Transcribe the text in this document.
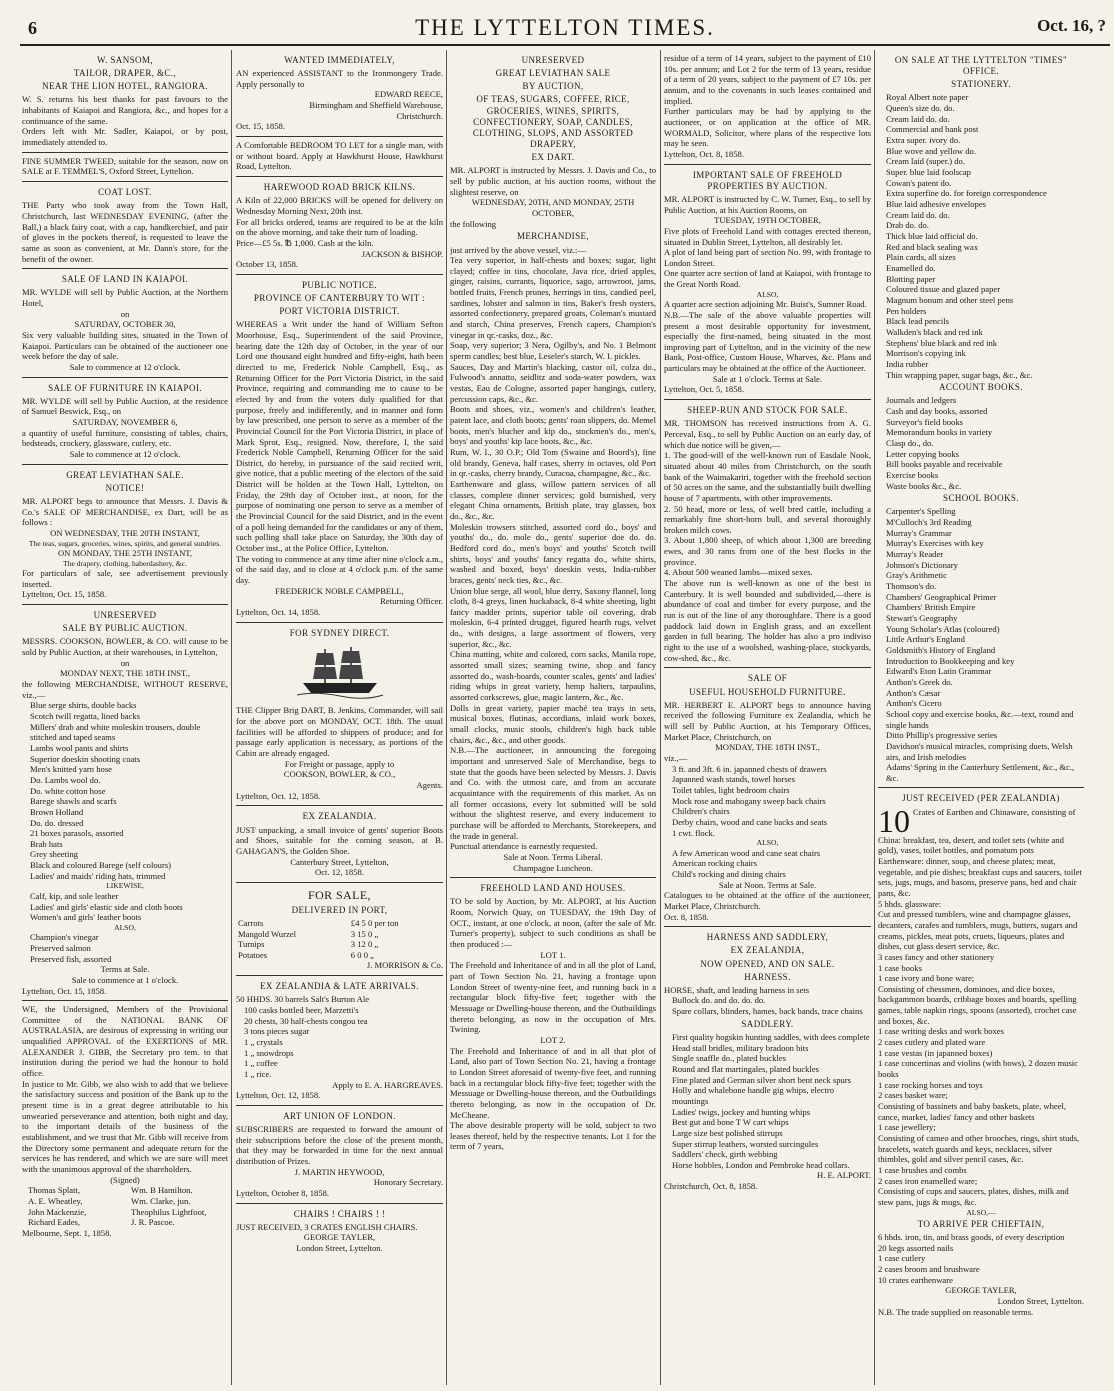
6	THE LYTTELTON TIMES.	Oct. 16, ?
W. SANSOM,
TAILOR, DRAPER, &C.,
NEAR THE LION HOTEL, RANGIORA.

W. S. returns his best thanks for past favours to the inhabitants of Kaiapoi and Rangiora, &c., and hopes for a continuance of the same.

Orders left with Mr. Sadler, Kaiapoi, or by post, immediately attended to.

FINE SUMMER TWEED, suitable for the season, now on SALE at F. TEMMEL'S, Oxford Street, Lyttelton.

COAT LOST.

THE Party who took away from the Town Hall, Christchurch, last WEDNESDAY EVENING, (after the Ball,) a black fairy coat, with a cap, handkerchief, and pair of gloves in the pockets thereof, is requested to leave the same as soon as convenient, at Mr. Dann's store, for the benefit of the owner.

SALE OF LAND IN KAIAPOI.

MR. WYLDE will sell by Public Auction, at the Northern Hotel,

on
SATURDAY, OCTOBER 30,

Six very valuable building sites, situated in the Town of Kaiapoi. Particulars can be obtained of the auctioneer one week before the day of sale.

Sale to commence at 12 o'clock.
SALE OF FURNITURE IN KAIAPOI.

MR. WYLDE will sell by Public Auction, at the residence of Samuel Beswick, Esq., on

SATURDAY, NOVEMBER 6,

a quantity of useful furniture, consisting of tables, chairs, bedsteads, crockery, glassware, cutlery, etc.

Sale to commence at 12 o'clock.
GREAT LEVIATHAN SALE.
NOTICE!

MR. ALPORT begs to announce that Messrs. J. Davis & Co.'s SALE OF MERCHANDISE, ex Dart, will be as follows :

ON WEDNESDAY, THE 20TH INSTANT,
The teas, sugars, groceries, wines, spirits, and general sundries.
ON MONDAY, THE 25TH INSTANT,
The drapery, clothing, haberdashery, &c.

For particulars of sale, see advertisement previously inserted.

Lyttelton, Oct. 15, 1858.
UNRESERVED
SALE BY PUBLIC AUCTION.

MESSRS. COOKSON, BOWLER, & CO. will cause to be sold by Public Auction, at their warehouses, in Lyttelton,

on
MONDAY NEXT, THE 18TH INST.,

the following MERCHANDISE, WITHOUT RESERVE, viz.,—

Blue serge shirts, double backs
Scotch twill regatta, lined backs
Millers' drab and white moleskin trousers, double stitched and taped seams
Lambs wool pants and shirts
Superior doeskin shooting coats
Men's knitted yarn hose
Do. Lambs wool do.
Do. white cotton hose
Barege shawls and scarfs
Brown Holland
Do. do. dressed
21 boxes parasols, assorted
Brab hats
Grey sheeting
Black and coloured Barege (self colours)
Ladies' and maids' riding hats, trimmed
LIKEWISE,
Calf, kip, and sole leather
Ladies' and girls' elastic side and cloth boots
Women's and girls' leather boots
ALSO,
Champion's vinegar
Preserved salmon
Preserved fish, assorted
Terms at Sale.
Sale to commence at 1 o'clock.
Lyttelton, Oct. 15, 1858.

WE, the Undersigned, Members of the Provisional Committee of the NATIONAL BANK OF AUSTRALASIA, are desirous of expressing in writing our unqualified APPROVAL of the EXERTIONS of MR. ALEXANDER J. GIBB, the Secretary pro tem. to that institution during the period we had the honour to hold office.

In justice to Mr. Gibb, we also wish to add that we believe the satisfactory success and position of the Bank up to the present time is in a great degree attributable to his unwearied perseverance and attention, both night and day, to the important details of the business of the establishment, and we trust that Mr. Gibb will receive from the Directory some permanent and adequate return for the services he has rendered, and which we are sure will meet with the unanimous approval of the shareholders.

(Signed)
Thomas Splatt,	Wm. B Hamilton.
A. E. Wheatley,	Wm. Clarke, jun.
John Mackenzie,	Theophilus Lightfoot,
Richard Eades,	J. R. Pascoe.
Melbourne, Sept. 1, 1858.
WANTED IMMEDIATELY,

AN experienced ASSISTANT to the Ironmongery Trade. Apply personally to

EDWARD REECE,
Birmingham and Sheffield Warehouse,
Christchurch.
Oct. 15, 1858.

A Comfortable BEDROOM TO LET for a single man, with or without board. Apply at Hawkhurst House, Hawkhurst Road, Lyttelton.

HAREWOOD ROAD BRICK KILNS.

A Kiln of 22,000 BRICKS will be opened for delivery on Wednesday Morning Next, 20th inst.

For all bricks ordered, teams are required to be at the kiln on the above morning, and take their turn of loading.

Price—£5 5s. ℔ 1,000. Cash at the kiln.

JACKSON & BISHOP.
October 13, 1858.
PUBLIC NOTICE.
PROVINCE OF CANTERBURY TO WIT :
PORT VICTORIA DISTRICT.

WHEREAS a Writ under the hand of William Sefton Moorhouse, Esq., Superintendent of the said Province, bearing date the 12th day of October, in the year of our Lord one thousand eight hundred and fifty-eight, hath been directed to me, Frederick Noble Campbell, Esq., as Returning Officer for the Port Victoria District, in the said Province, requiring and commanding me to cause to be elected by and from the voters duly qualified for that purpose, freely and indifferently, and in manner and form by law prescribed, one person to serve as a member of the Provincial Council for the Port Victoria District, in place of Mark Sprot, Esq., resigned. Now, therefore, I, the said Frederick Noble Campbell, Returning Officer for the said District, do hereby, in pursuance of the said recited writ, give notice, that a public meeting of the electors of the said District will be holden at the Town Hall, Lyttelton, on Friday, the 29th day of October inst., at noon, for the purpose of nominating one person to serve as a member of the Provincial Council for the said District, and in the event of a poll being demanded for the candidates or any of them, such polling shall take place on Saturday, the 30th day of October inst., at the Police Office, Lyttelton.

The voting to commence at any time after nine o'clock a.m., of the said day, and to close at 4 o'clock p.m. of the same day.

FREDERICK NOBLE CAMPBELL,
Returning Officer.
Lyttelton, Oct. 14, 1858.
FOR SYDNEY DIRECT.

THE Clipper Brig DART, B. Jenkins, Commander, will sail for the above port on MONDAY, OCT. 18th. The usual facilities will be afforded to shippers of produce; and for passage early application is necessary, as portions of the Cabin are already engaged.

For Freight or passage, apply to
COOKSON, BOWLER, & CO.,
Agents.
Lyttelton, Oct. 12, 1858.
EX ZEALANDIA.

JUST unpacking, a small invoice of gents' superior Boots and Shoes, suitable for the coming season, at B. GAHAGAN'S, the Golden Shoe.

Canterbury Street, Lyttelton,
Oct. 12, 1858.
FOR SALE,
DELIVERED IN PORT,
Carrots	£4 5 0 per ton
Mangold Wurzel	3 15 0 „
Turnips	3 12 0 „
Potatoes	6 0 0 „
J. MORRISON & Co.
EX ZEALANDIA & LATE ARRIVALS.

50 HHDS. 30 barrels Salt's Burton Ale

100 casks bottled beer, Marzetti's
20 chests, 30 half-chests congou tea
3 tons pieces sugar
1 „ crystals
1 „ snowdrops
1 „ coffee
1 „ rice.
Apply to E. A. HARGREAVES.
Lyttelton, Oct. 12, 1858.
ART UNION OF LONDON.

SUBSCRIBERS are requested to forward the amount of their subscriptions before the close of the present month, that they may be forwarded in time for the next annual distribution of Prizes.

J. MARTIN HEYWOOD,
Honorary Secretary.
Lyttelton, October 8, 1858.
CHAIRS ! CHAIRS ! !

JUST RECEIVED, 3 CRATES ENGLISH CHAIRS.

GEORGE TAYLER,
London Street, Lyttelton.
UNRESERVED
GREAT LEVIATHAN SALE
BY AUCTION,
OF TEAS, SUGARS, COFFEE, RICE, GROCERIES, WINES, SPIRITS, CONFECTIONERY, SOAP, CANDLES, CLOTHING, SLOPS, AND ASSORTED DRAPERY,
EX DART.

MR. ALPORT is instructed by Messrs. J. Davis and Co., to sell by public auction, at his auction rooms, without the slightest reserve, on

WEDNESDAY, 20TH, AND MONDAY, 25TH OCTOBER,
the following
MERCHANDISE,
just arrived by the above vessel, viz.:—

Tea very superior, in half-chests and boxes; sugar, light clayed; coffee in tins, chocolate, Java rice, dried apples, ginger, raisins, currants, liquorice, sago, arrowroot, jams, bottled fruits, French prunes, herrings in tins, candied peel, sardines, lobster and salmon in tins, Baker's fresh oysters, assorted confectionery, prepared groats, Coleman's mustard and starch, China preserves, French capers, Champion's vinegar in qr.-casks, doz., &c.

Soap, very superior; 3 Nera, Ogilby's, and No. 1 Belmont sperm candles; best blue, Leseler's starch, W. I. pickles.

Sauces, Day and Martin's blacking, castor oil, colza do., Fulwood's annatto, seidlitz and soda-water powders, wax vestas, Eau de Cologne, assorted paper hangings, cutlery, percussion caps, &c., &c.

Boots and shoes, viz., women's and children's leather, patent lace, and cloth boots; gents' roan slippers, do. Memel boots, men's blucher and kip do., stockmen's do., men's, boys' and youths' kip lace boots, &c., &c.

Rum, W. I., 30 O.P.; Old Tom (Swaine and Boord's), fine old brandy, Geneva, half cases, sherry in octaves, old Port in qr.-casks, cherry brandy, Curacoa, champagne, &c., &c.

Earthenware and glass, willow pattern services of all classes, complete dinner services; gold burnished, very elegant China ornaments, British plate, tray glasses, box do., &c., &c.

Moleskin trowsers stitched, assorted cord do., boys' and youths' do., do. mole do., gents' superior doe do. do. Bedford cord do., men's boys' and youths' Scotch twill shirts, boys' and youths' fancy regatta do., white shirts, washed and boxed, boys' doeskin vests, India-rubber braces, gents' neck ties, &c., &c.

Union blue serge, all wool, blue derry, Saxony flannel, long cloth, 8-4 greys, linen huckaback, 8-4 white sheeting, light fancy madder prints, superior table oil covering, drab moleskin, 6-4 printed drugget, figured hearth rugs, velvet do., with designs, a large assortment of flowers, very superior, &c., &c.

China matting, white and colored, corn sacks, Manila rope, assorted small sizes; seaming twine, shop and fancy assorted do., wash-boards, counter scales, gents' and ladies' riding whips in great variety, hemp halters, tarpaulins, assorted corkscrews, glue, magic lantern, &c., &c.

Dolls in great variety, papier maché tea trays in sets, musical boxes, flutinas, accordians, inlaid work boxes, small clocks, music stools, children's high back table chairs, &c., &c., and other goods.

N.B.—The auctioneer, in announcing the foregoing important and unreserved Sale of Merchandise, begs to state that the goods have been selected by Messrs. J. Davis and Co. with the utmost care, and from an accurate acquaintance with the requirements of this market. As on all former occasions, every lot submitted will be sold without the slightest reserve, and every inducement to purchase will be afforded to Merchants, Storekeepers, and the trade in general.

Punctual attendance is earnestly requested.

Sale at Noon. Terms Liberal.
Champagne Luncheon.
FREEHOLD LAND AND HOUSES.

TO be sold by Auction, by Mr. ALPORT, at his Auction Room, Norwich Quay, on TUESDAY, the 19th Day of OCT., instant, at one o'clock, at noon, (after the sale of Mr. Turner's property), subject to such conditions as shall be then produced :—

LOT 1.

The Freehold and Inheritance of and in all the plot of Land, part of Town Section No. 21, having a frontage upon London Street of twenty-nine feet, and running back in a rectangular block fifty-five feet; together with the Messuage or Dwelling-house thereon, and the Outbuildings thereto belonging, as now in the occupation of Mrs. Twining.

LOT 2.

The Freehold and Inheritance of and in all that plot of Land, also part of Town Section No. 21, having a frontage to London Street aforesaid of twenty-five feet, and running back in a rectangular block fifty-five feet; together with the Messuage or Dwelling-house thereon, and the Outbuildings thereto belonging, as now in the occupation of Dr. McCheane.

The above desirable property will be sold, subject to two leases thereof, held by the respective tenants. Lot 1 for the term of 7 years,

residue of a term of 14 years, subject to the payment of £10 10s. per annum; and Lot 2 for the term of 13 years, residue of a term of 20 years, subject to the payment of £7 10s. per annum, and to the covenants in such leases contained and implied.

Further particulars may be had by applying to the auctioneer, or on application at the office of MR. WORMALD, Solicitor, where plans of the respective lots may be seen.

Lyttelton, Oct. 8, 1858.
IMPORTANT SALE OF FREEHOLD PROPERTIES BY AUCTION.

MR. ALPORT is instructed by C. W. Turner, Esq., to sell by Public Auction, at his Auction Rooms, on

TUESDAY, 19TH OCTOBER,

Five plots of Freehold Land with cottages erected thereon, situated in Dublin Street, Lyttelton, all desirably let.

A plot of land being part of section No. 99, with frontage to London Street.

One quarter acre section of land at Kaiapoi, with frontage to the Great North Road.

ALSO,

A quarter acre section adjoining Mr. Buist's, Sumner Road.

N.B.—The sale of the above valuable properties will present a most desirable opportunity for investment, especially the first-named, being situated in the most improving part of Lyttelton, and in the vicinity of the new Bank, Post-office, Custom House, Wharves, &c. Plans and particulars may be obtained at the office of the Auctioneer.

Sale at 1 o'clock. Terms at Sale.
Lyttelton, Oct. 5, 1858.
SHEEP-RUN AND STOCK FOR SALE.

MR. THOMSON has received instructions from A. G. Perceval, Esq., to sell by Public Auction on an early day, of which due notice will be given,—

1. The good-will of the well-known run of Easdale Nook, situated about 40 miles from Christchurch, on the south bank of the Waimakariri, together with the freehold section of 50 acres on the same, and the substantially built dwelling house of 7 apartments, with other improvements.

2. 50 head, more or less, of well bred cattle, including a remarkably fine short-horn bull, and several thoroughly broken milch cows.

3. About 1,800 sheep, of which about 1,300 are breeding ewes, and 30 rams from one of the best flocks in the province.

4. About 500 weaned lambs—mixed sexes.

The above run is well-known as one of the best in Canterbury. It is well bounded and subdivided,—there is abundance of coal and timber for every purpose, and the run is out of the line of any thoroughfare. There is a good paddock laid down in English grass, and an excellent garden in full bearing. The holder has also a pro indiviso right to the use of a woolshed, washing-place, stockyards, cow-shed, &c., &c.

SALE OF
USEFUL HOUSEHOLD FURNITURE.

MR. HERBERT E. ALPORT begs to announce having received the following Furniture ex Zealandia, which he will sell by Public Auction, at his Temporary Offices, Market Place, Christchurch, on

MONDAY, THE 18TH INST.,
viz.,—
3 ft. and 3ft. 6 in. japanned chests of drawers
Japanned wash stands, towel horses
Toilet tables, light bedroom chairs
Mock rose and mahogany sweep back chairs
Children's chairs
Derby chairs, wood and cane backs and seats
1 cwt. flock.
ALSO,
A few American wood and cane seat chairs
American rocking chairs
Child's rocking and dining chairs
Sale at Noon. Terms at Sale.

Catalogues to be obtained at the office of the auctioneer, Market Place, Christchurch.

Oct. 8, 1858.
HARNESS AND SADDLERY,
EX ZEALANDIA,
NOW OPENED, AND ON SALE.
HARNESS.

HORSE, shaft, and leading harness in sets

Bullock do. and do. do. do.
Spare collars, blinders, hames, back bands, trace chains
SADDLERY.
First quality hogskin hunting saddles, with dees complete
Head stall bridles, military bradoon bits
Single snaffle do., plated buckles
Round and flat martingales, plated buckles
Fine plated and German silver short bent neck spurs
Holly and whalebone handle gig whips, electro mountings
Ladies' twigs, jockey and hunting whips
Best gut and bone T W cart whips
Large size best polished stirrups
Super stirrup leathers, worsted surcingules
Saddlers' check, girth webbing
Horse hobbles, London and Pembroke head collars.
H. E. ALPORT.
Christchurch, Oct. 8, 1858.
ON SALE AT THE LYTTELTON "TIMES" OFFICE.
STATIONERY.
Royal Albert note paper
Queen's size do. do.
Cream laid do. do.
Commercial and bank post
Extra super. ivory do.
Blue wove and yellow do.
Cream laid (super.) do.
Super. blue laid foolscap
Cowan's patent do.
Extra superfine do. for foreign correspondence
Blue laid adhesive envelopes
Cream laid do. do.
Drab do. do.
Thick blue laid official do.
Red and black sealing wax
Plain cards, all sizes
Enamelled do.
Blotting paper
Coloured tissue and glazed paper
Magnum bonum and other steel pens
Pen holders
Black lead pencils
Walkden's black and red ink
Stephens' blue black and red ink
Morrison's copying ink
India rubber
Thin wrapping paper, sugar bags, &c., &c.
ACCOUNT BOOKS.
Journals and ledgers
Cash and day books, assorted
Surveyor's field books
Memorandum books in variety
Clasp do., do.
Letter copying books
Bill books payable and receivable
Exercise books
Waste books &c., &c.
SCHOOL BOOKS.
Carpenter's Spelling
M'Culloch's 3rd Reading
Murray's Grammar
Murray's Exercises with key
Murray's Reader
Johnson's Dictionary
Gray's Arithmetic
Thomson's do.
Chambers' Geographical Primer
Chambers' British Empire
Stewart's Geography
Young Scholar's Atlas (coloured)
Little Arthur's England
Goldsmith's History of England
Introduction to Bookkeeping and key
Edward's Eton Latin Grammar
Anthon's Greek do.
Anthon's Cæsar
Anthon's Cicero
School copy and exercise books, &c.—text, round and single hands
Ditto Phillip's progressive series
Davidson's musical miracles, comprising duets, Welsh airs, and Irish melodies
Adams' Spring in the Canterbury Settlement, &c., &c., &c.
JUST RECEIVED (PER ZEALANDIA)
10 Crates of Earthen and Chinaware, consisting of

China: breakfast, tea, desert, and toilet sets (white and gold), vases, toilet bottles, and pomatum pots
Earthenware: dinner, soup, and cheese plates; meat, vegetable, and pie dishes; breakfast cups and saucers, toilet sets, jugs, mugs, and basons, preserve pans, bed and chair pans, &c.
5 hhds. glassware:
Cut and pressed tumblers, wine and champagne glasses, decanters, carafes and tumblers, mugs, butters, sugars and creams, pickles, meat pots, cruets, liqueurs, plates and dishes, cut glass desert service, &c.
3 cases fancy and other stationery
1 case books
1 case ivory and bone ware;
Consisting of chessmen, dominoes, and dice boxes, backgammon boards, cribbage boxes and boards, spelling games, table napkin rings, spoons (assorted), crochet case and boxes, &c.
1 case writing desks and work boxes
2 cases cutlery and plated ware
1 case vestas (in japanned boxes)
1 case concertinas and violins (with bows), 2 dozen music books
1 case rocking horses and toys
2 cases basket ware;
Consisting of bassinets and baby baskets, plate, wheel, cance, market, ladies' fancy and other baskets
1 case jewellery;
Consisting of cameo and other brooches, rings, shirt studs, bracelets, watch guards and keys, necklaces, silver thimbles, gold and silver pencil cases, &c.
1 case brushes and combs
2 cases iron enamelled ware;
Consisting of cups and saucers, plates, dishes, milk and stew pans, jugs & mugs, &c.
ALSO,—
TO ARRIVE PER CHIEFTAIN,
6 hhds. iron, tin, and brass goods, of every description
20 kegs assorted nails
1 case cutlery
2 cases broom and brushware
10 crates earthenware
GEORGE TAYLER,
London Street, Lyttelton.
N.B. The trade supplied on reasonable terms.
